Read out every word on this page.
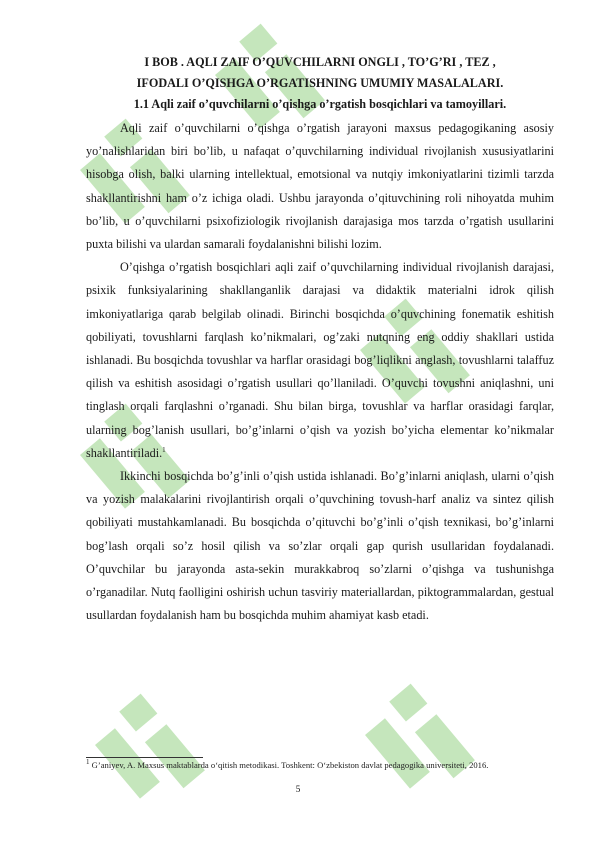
I BOB . AQLI ZAIF O’QUVCHILARNI ONGLI , TO’G’RI , TEZ ,

IFODALI O’QISHGA O’RGATISHNING UMUMIY MASALALARI.

1.1 Aqli zaif o’quvchilarni o’qishga o’rgatish bosqichlari va tamoyillari.

Aqli zaif o’quvchilarni o’qishga o’rgatish jarayoni maxsus pedagogikaning asosiy yo’nalishlaridan biri bo’lib, u nafaqat o’quvchilarning individual rivojlanish xususiyatlarini hisobga olish, balki ularning intellektual, emotsional va nutqiy imkoniyatlarini tizimli tarzda shakllantirishni ham o’z ichiga oladi. Ushbu jarayonda o’qituvchining roli nihoyatda muhim bo’lib, u o’quvchilarni psixofiziologik rivojlanish darajasiga mos tarzda o’rgatish usullarini puxta bilishi va ulardan samarali foydalanishni bilishi lozim.

O’qishga o’rgatish bosqichlari aqli zaif o’quvchilarning individual rivojlanish darajasi, psixik funksiyalarining shakllanganlik darajasi va didaktik materialni idrok qilish imkoniyatlariga qarab belgilab olinadi. Birinchi bosqichda o’quvchining fonematik eshitish qobiliyati, tovushlarni farqlash ko’nikmalari, og’zaki nutqning eng oddiy shakllari ustida ishlanadi. Bu bosqichda tovushlar va harflar orasidagi bog’liqlikni anglash, tovushlarni talaffuz qilish va eshitish asosidagi o’rgatish usullari qo’llaniladi. O’quvchi tovushni aniqlashni, uni tinglash orqali farqlashni o’rganadi. Shu bilan birga, tovushlar va harflar orasidagi farqlar, ularning bog’lanish usullari, bo’g’inlarni o’qish va yozish bo’yicha elementar ko’nikmalar shakllantiriladi.$^1$

Ikkinchi bosqichda bo’g’inli o’qish ustida ishlanadi. Bo’g’inlarni aniqlash, ularni o’qish va yozish malakalarini rivojlantirish orqali o’quvchining tovush-harf analiz va sintez qilish qobiliyati mustahkamlanadi. Bu bosqichda o’qituvchi bo’g’inli o’qish texnikasi, bo’g’inlarni bog’lash orqali so’z hosil qilish va so’zlar orqali gap qurish usullaridan foydalanadi. O’quvchilar bu jarayonda asta-sekin murakkabroq so’zlarni o’qishga va tushunishga o’rganadilar. Nutq faolligini oshirish uchun tasviriy materiallardan, piktogrammalardan, gestual usullardan foydalanish ham bu bosqichda muhim ahamiyat kasb etadi.

$^1$ G’aniyev, A. Maxsus maktablarda o‘qitish metodikasi. Toshkent: O‘zbekiston davlat pedagogika universiteti, 2016.
5
